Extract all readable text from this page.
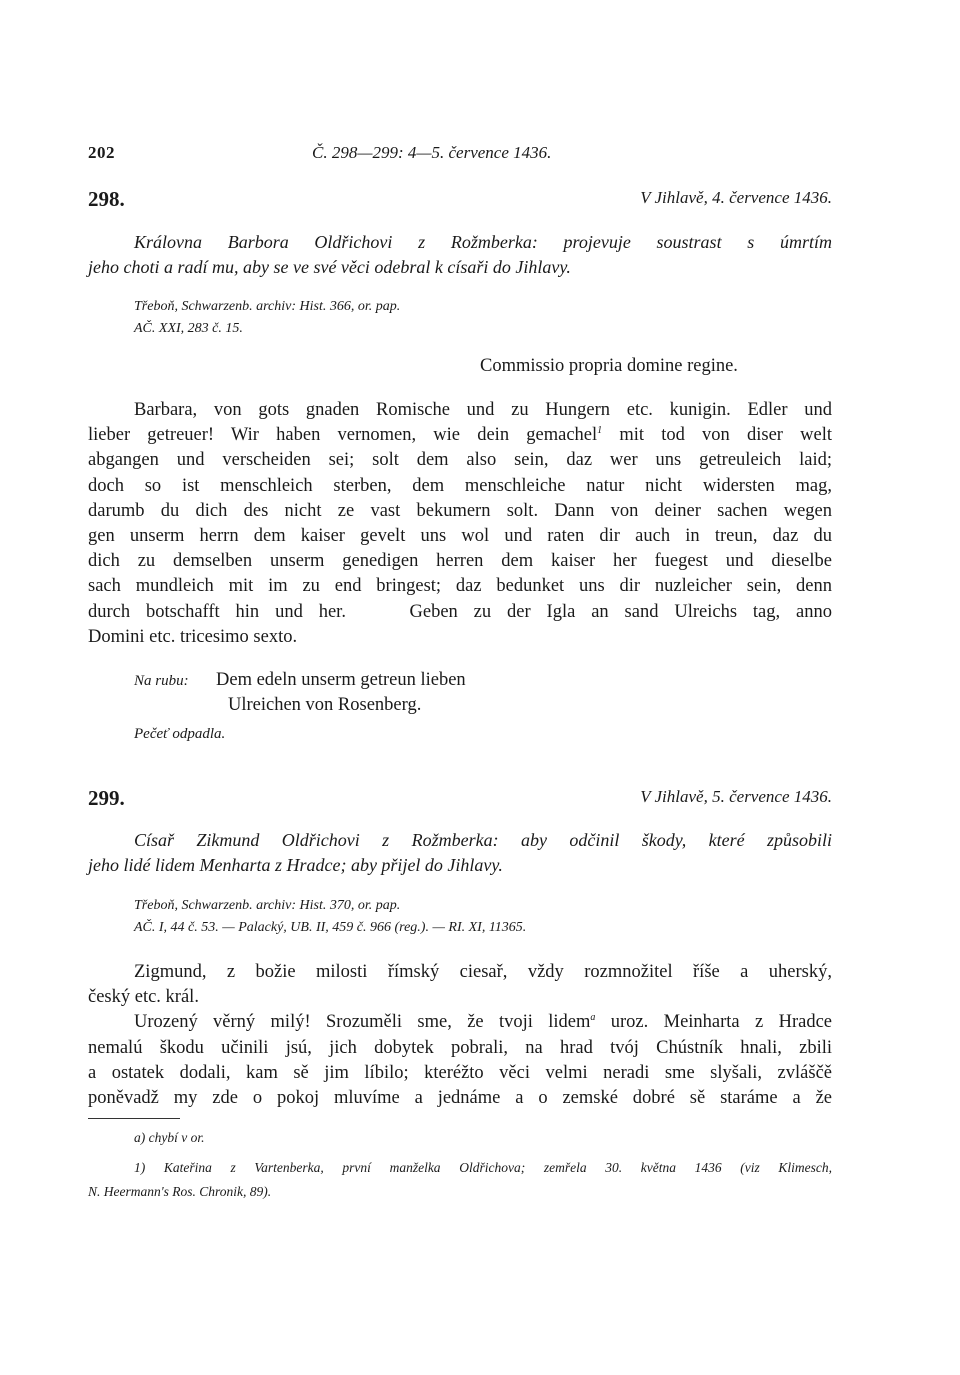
202	Č. 298—299: 4—5. července 1436.
298.	V Jihlavě, 4. července 1436.
Královna Barbora Oldřichovi z Rožmberka: projevuje soustrast s úmrtím
jeho choti a radí mu, aby se ve své věci odebral k císaři do Jihlavy.
Třeboň, Schwarzenb. archiv: Hist. 366, or. pap.
AČ. XXI, 283 č. 15.
Commissio propria domine regine.
Barbara, von gots gnaden Romische und zu Hungern etc. kunigin. Edler und
lieber getreuer! Wir haben vernomen, wie dein gemachel$^1$ mit tod von diser welt
abgangen und verscheiden sei; solt dem also sein, daz wer uns getreuleich laid;
doch so ist menschleich sterben, dem menschleiche natur nicht widersten mag,
darumb du dich des nicht ze vast bekumern solt. Dann von deiner sachen wegen
gen unserm herrn dem kaiser gevelt uns wol und raten dir auch in treun, daz du
dich zu demselben unserm genedigen herren dem kaiser her fuegest und dieselbe
sach mundleich mit im zu end bringest; daz bedunket uns dir nuzleicher sein, denn
durch botschafft hin und her.    Geben zu der Igla an sand Ulreichs tag, anno
Domini etc. tricesimo sexto.
Na rubu: Dem edeln unserm getreun lieben
Ulreichen von Rosenberg.
Pečeť odpadla.
299.	V Jihlavě, 5. července 1436.
Císař Zikmund Oldřichovi z Rožmberka: aby odčinil škody, které způsobili
jeho lidé lidem Menharta z Hradce; aby přijel do Jihlavy.
Třeboň, Schwarzenb. archiv: Hist. 370, or. pap.
AČ. I, 44 č. 53. — Palacký, UB. II, 459 č. 966 (reg.). — RI. XI, 11365.
Zigmund, z božie milosti římský ciesař, vždy rozmnožitel říše a uherský,
český etc. král.
Urozený věrný milý! Srozuměli sme, že tvoji lidem$^a$ uroz. Meinharta z Hradce
nemalú škodu učinili jsú, jich dobytek pobrali, na hrad tvój Chústník hnali, zbili
a ostatek dodali, kam sě jim líbilo; kteréžto věci velmi neradi sme slyšali, zvláščě
poněvadž my zde o pokoj mluvíme a jednáme a o zemské dobré sě staráme a že
a) chybí v or.
1) Kateřina z Vartenberka, první manželka Oldřichova; zemřela 30. května 1436 (viz Klimesch,
N. Heermann's Ros. Chronik, 89).
